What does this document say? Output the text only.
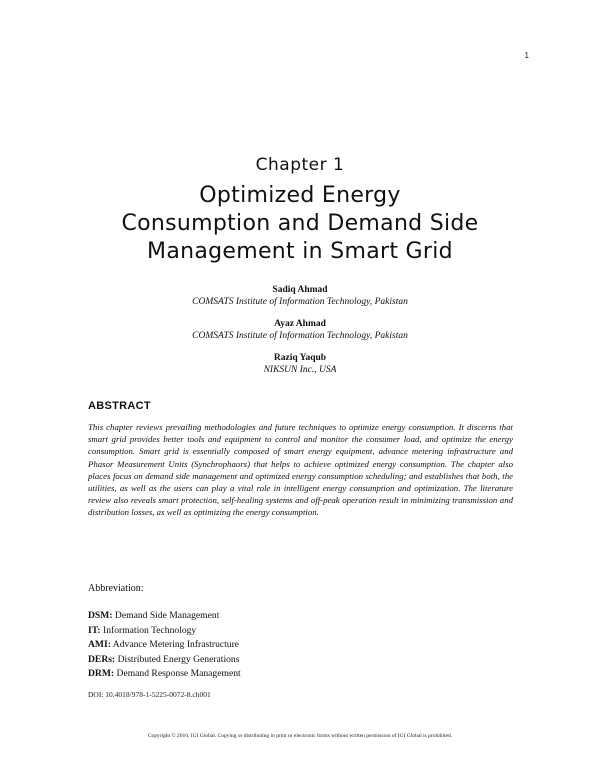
1
Chapter 1
Optimized Energy
Consumption and Demand Side
Management in Smart Grid
Sadiq Ahmad
COMSATS Institute of Information Technology, Pakistan
Ayaz Ahmad
COMSATS Institute of Information Technology, Pakistan
Raziq Yaqub
NIKSUN Inc., USA
ABSTRACT

This chapter reviews prevailing methodologies and future techniques to optimize energy consumption. It discerns that smart grid provides better tools and equipment to control and monitor the consumer load, and optimize the energy consumption. Smart grid is essentially composed of smart energy equipment, advance metering infrastructure and Phasor Measurement Units (Synchrophaors) that helps to achieve optimized energy consumption. The chapter also places focus on demand side management and optimized energy consumption scheduling; and establishes that both, the utilities, as well as the users can play a vital role in intelligent energy consumption and optimization. The literature review also reveals smart protection, self-healing systems and off-peak operation result in minimizing transmission and distribution losses, as well as optimizing the energy consumption.

Abbreviation:
DSM: Demand Side Management
IT: Information Technology
AMI: Advance Metering Infrastructure
DERs: Distributed Energy Generations
DRM: Demand Response Management
DOI: 10.4018/978-1-5225-0072-8.ch001
Copyright © 2016, IGI Global. Copying or distributing in print or electronic forms without written permission of IGI Global is prohibited.
